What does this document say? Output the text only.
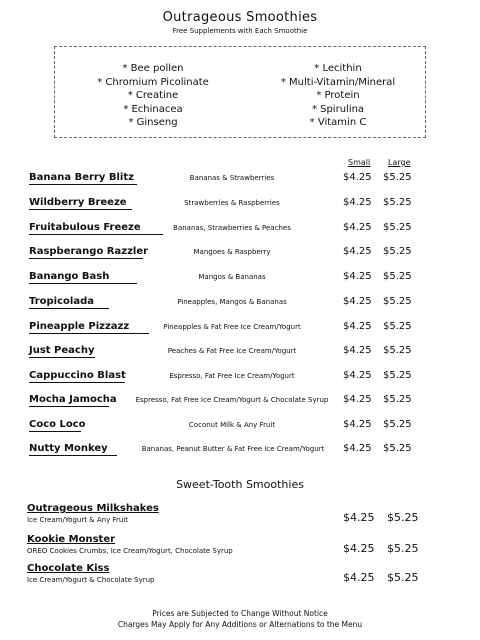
Outrageous Smoothies
Free Supplements with Each Smoothie
* Bee pollen
* Chromium Picolinate
* Creatine
* Echinacea
* Ginseng
* Lecithin
* Multi-Vitamin/Mineral
* Protein
* Spirulina
* Vitamin C
Small Large
Banana Berry Blitz	Bananas & Strawberries	$4.25 $5.25
Wildberry Breeze	Strawberries & Raspberries	$4.25 $5.25
Fruitabulous Freeze	Bananas, Strawberries & Peaches	$4.25 $5.25
Raspberango Razzler	Mangoes & Raspberry	$4.25 $5.25
Banango Bash	Mangos & Bananas	$4.25 $5.25
Tropicolada	Pineapples, Mangos & Bananas	$4.25 $5.25
Pineapple Pizzazz	Pineapples & Fat Free Ice Cream/Yogurt	$4.25 $5.25
Just Peachy	Peaches & Fat Free Ice Cream/Yogurt	$4.25 $5.25
Cappuccino Blast	Espresso, Fat Free Ice Cream/Yogurt	$4.25 $5.25
Mocha Jamocha	Espresso, Fat Free Ice Cream/Yogurt & Chocolate Syrup	$4.25 $5.25
Coco Loco	Coconut Milk & Any Fruit	$4.25 $5.25
Nutty Monkey	Bananas, Peanut Butter & Fat Free Ice Cream/Yogurt	$4.25 $5.25
Sweet-Tooth Smoothies
Outrageous Milkshakes
Ice Cream/Yogurt & Any Fruit	$4.25 $5.25
Kookie Monster
OREO Cookies Crumbs, Ice Cream/Yogurt, Chocolate Syrup	$4.25 $5.25
Chocolate Kiss
Ice Cream/Yogurt & Chocolate Syrup	$4.25 $5.25
Prices are Subjected to Change Without Notice
Charges May Apply for Any Additions or Alternations to the Menu
